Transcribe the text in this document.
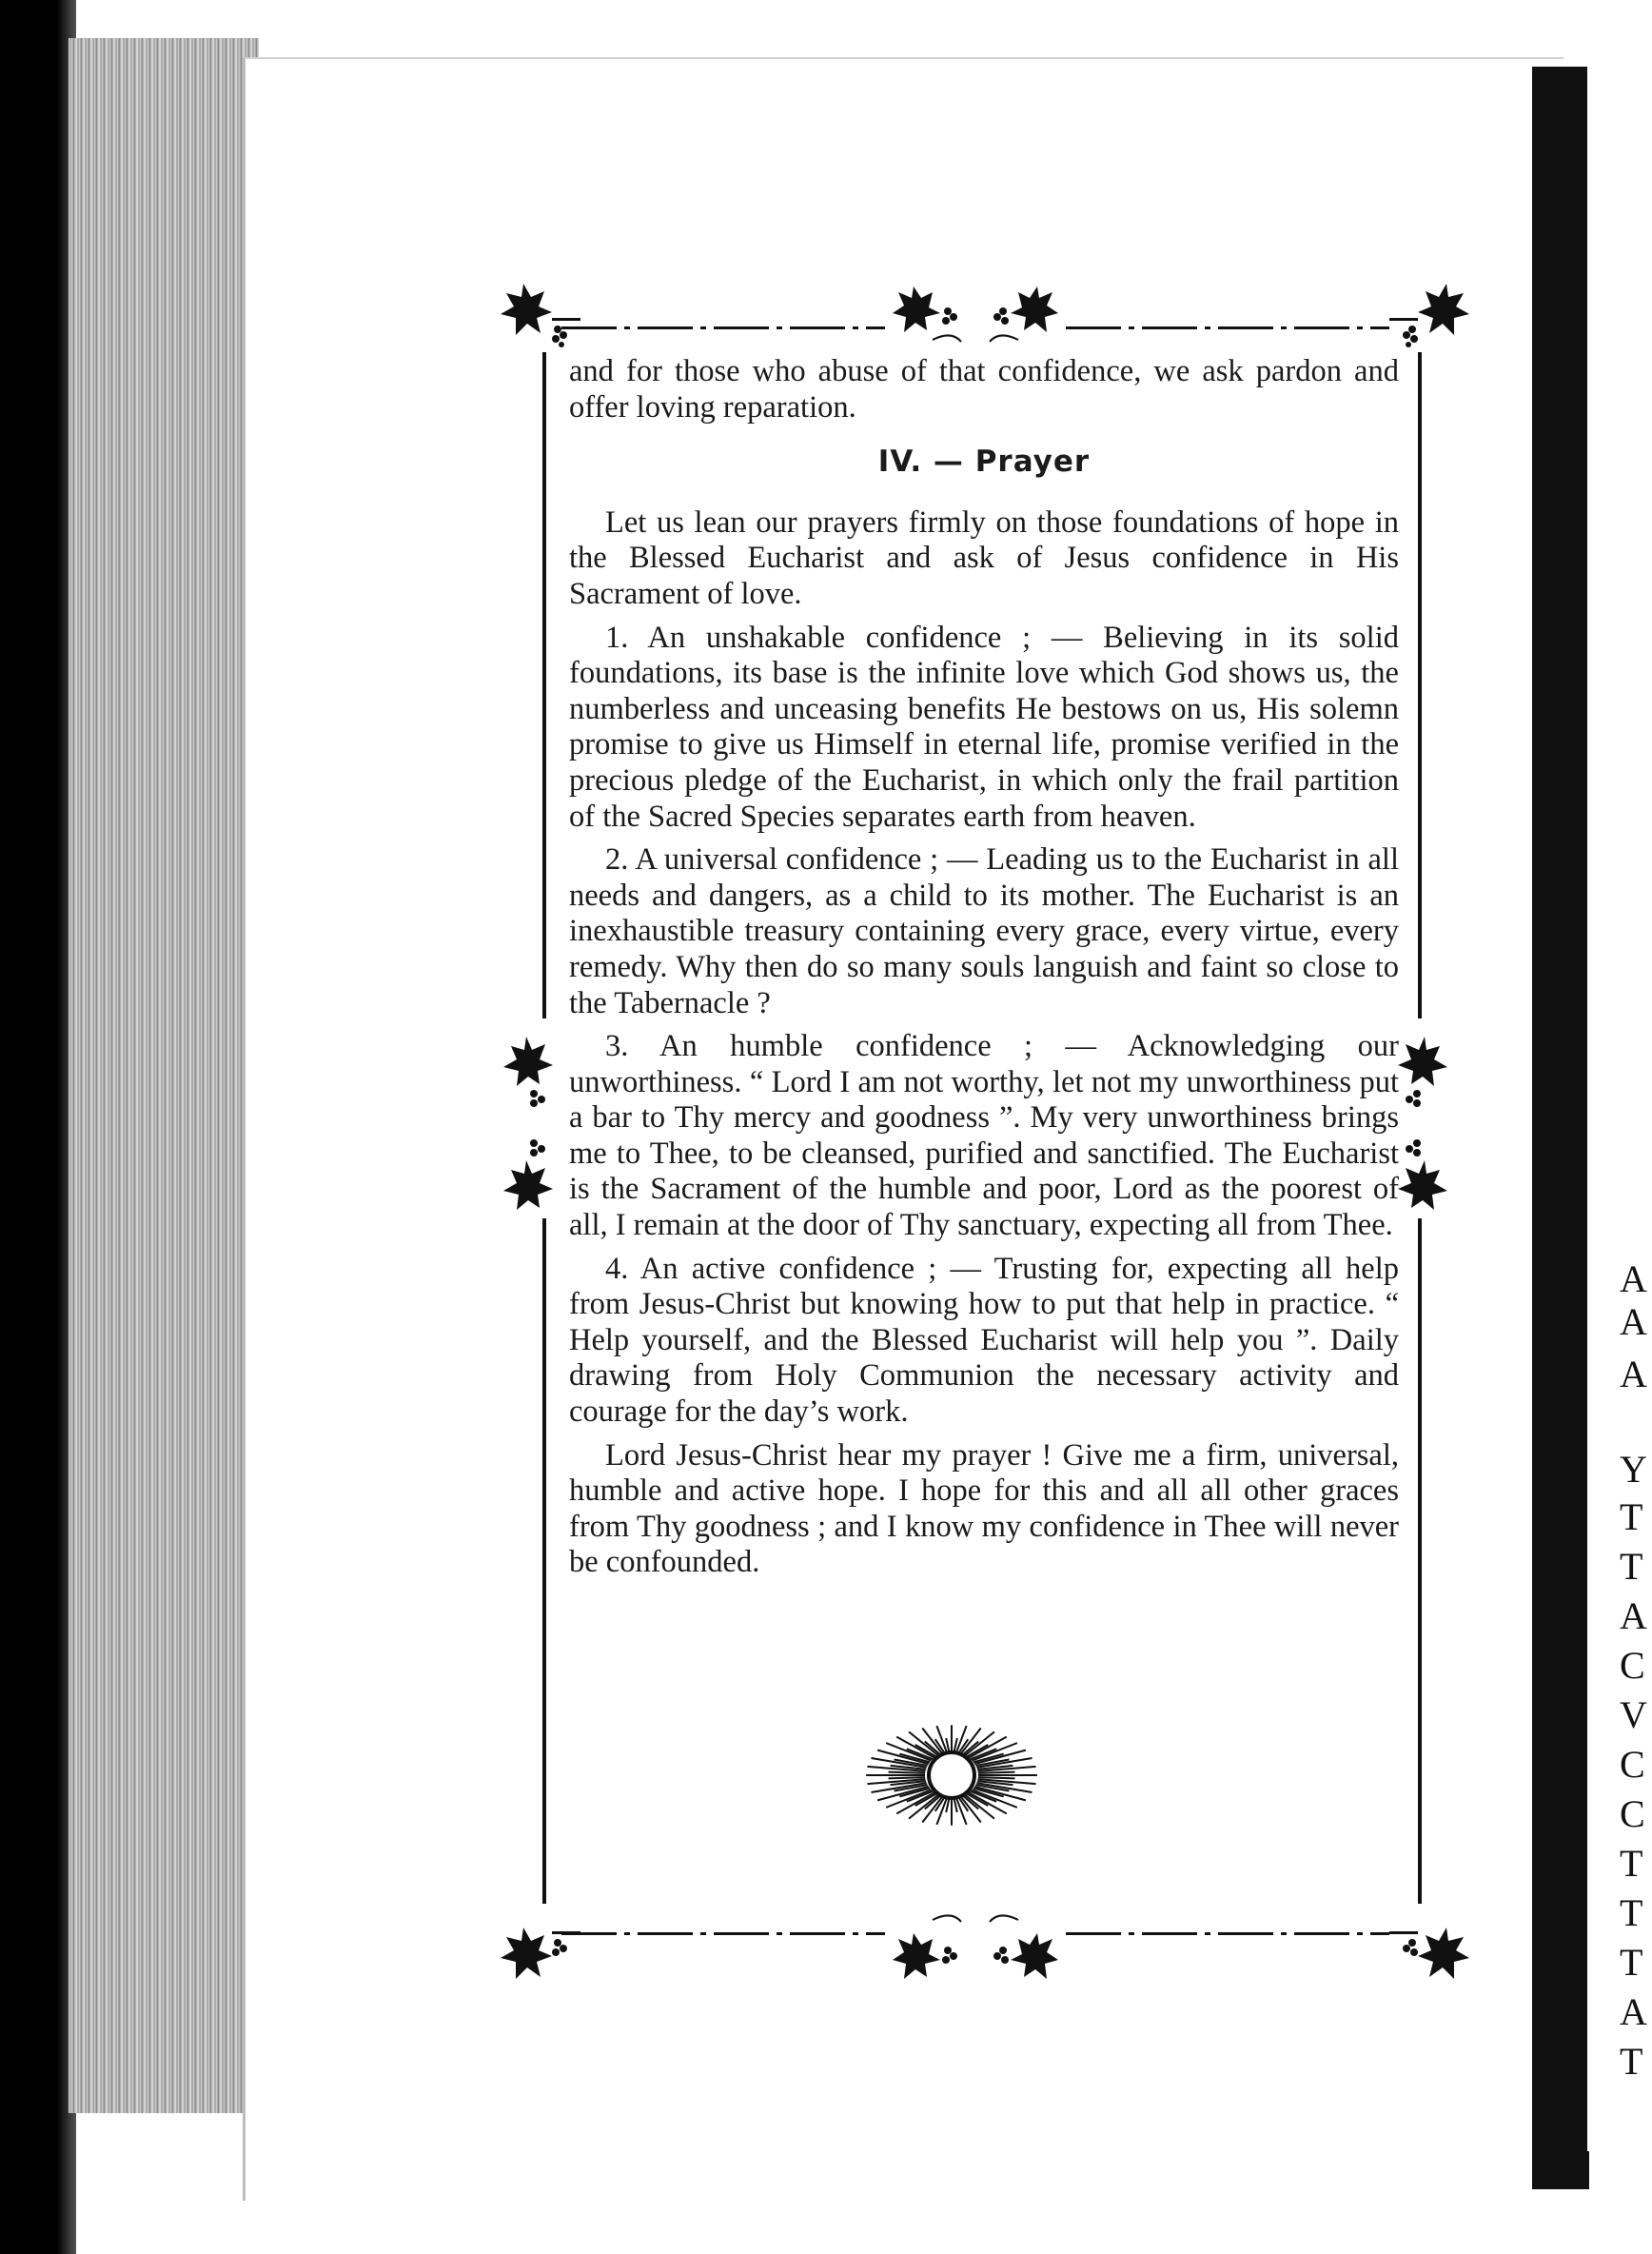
A
A
A
Y
T
T
A
C
V
C
C
T
T
T
A
T

and for those who abuse of that confidence, we ask pardon and offer loving reparation.

IV. — Prayer

Let us lean our prayers firmly on those foundations of hope in the Blessed Eucharist and ask of Jesus confidence in His Sacrament of love.

1. An unshakable confidence ; — Believing in its solid foundations, its base is the infinite love which God shows us, the numberless and unceasing benefits He bestows on us, His solemn promise to give us Himself in eternal life, promise verified in the precious pledge of the Eucharist, in which only the frail partition of the Sacred Species separates earth from heaven.

2. A universal confidence ; — Leading us to the Eucharist in all needs and dangers, as a child to its mother. The Eucharist is an inexhaustible treasury containing every grace, every virtue, every remedy. Why then do so many souls languish and faint so close to the Tabernacle ?

3. An humble confidence ; — Acknowledging our unworthiness. “ Lord I am not worthy, let not my unworthiness put a bar to Thy mercy and goodness ”. My very unworthiness brings me to Thee, to be cleansed, purified and sanctified. The Eucharist is the Sacrament of the humble and poor, Lord as the poorest of all, I remain at the door of Thy sanctuary, expecting all from Thee.

4. An active confidence ; — Trusting for, expecting all help from Jesus-Christ but knowing how to put that help in practice. “ Help yourself, and the Blessed Eucharist will help you ”. Daily drawing from Holy Communion the necessary activity and courage for the day’s work.

Lord Jesus-Christ hear my prayer ! Give me a firm, universal, humble and active hope. I hope for this and all all other graces from Thy goodness ; and I know my confidence in Thee will never be confounded.
